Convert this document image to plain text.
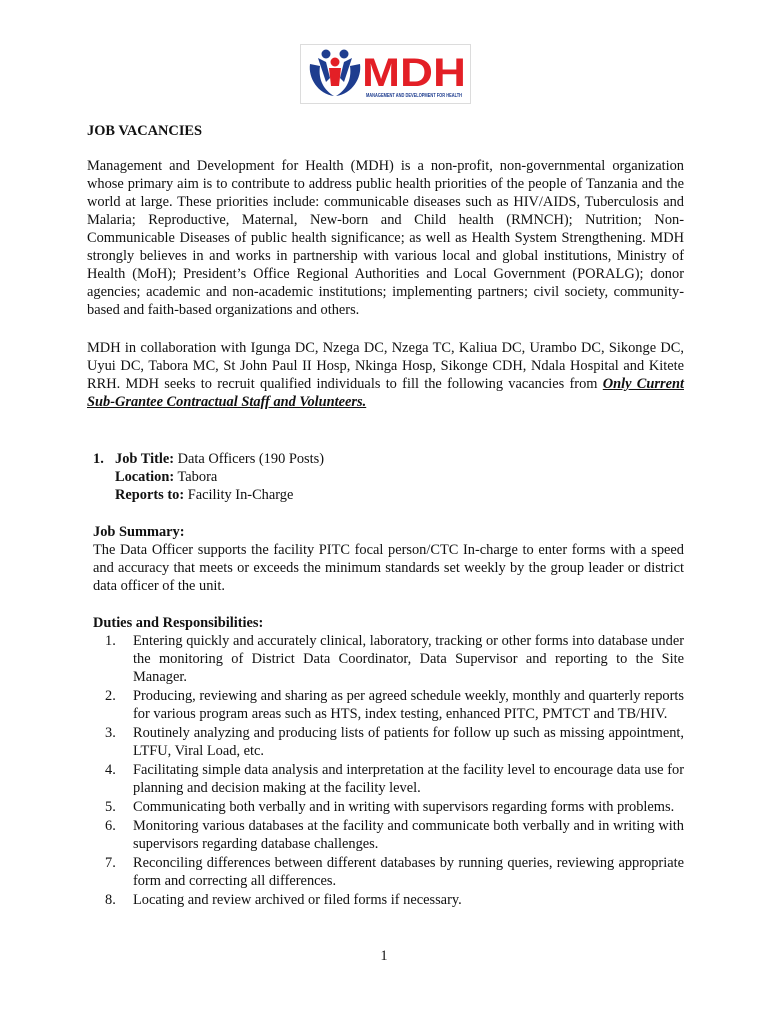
MDH
MANAGEMENT AND DEVELOPMENT FOR HEALTH
JOB VACANCIES
Management and Development for Health (MDH) is a non-profit, non-governmental organization whose primary aim is to contribute to address public health priorities of the people of Tanzania and the world at large. These priorities include: communicable diseases such as HIV/AIDS, Tuberculosis and Malaria; Reproductive, Maternal, New-born and Child health (RMNCH); Nutrition; Non-Communicable Diseases of public health significance; as well as Health System Strengthening. MDH strongly believes in and works in partnership with various local and global institutions, Ministry of Health (MoH); President’s Office Regional Authorities and Local Government (PORALG); donor agencies; academic and non-academic institutions; implementing partners; civil society, community-based and faith-based organizations and others.
MDH in collaboration with Igunga DC, Nzega DC, Nzega TC, Kaliua DC, Urambo DC, Sikonge DC, Uyui DC, Tabora MC, St John Paul II Hosp, Nkinga Hosp, Sikonge CDH, Ndala Hospital and Kitete RRH. MDH seeks to recruit qualified individuals to fill the following vacancies from Only Current Sub-Grantee Contractual Staff and Volunteers.
1. Job Title: Data Officers (190 Posts)
Location: Tabora
Reports to: Facility In-Charge
Job Summary:
The Data Officer supports the facility PITC focal person/CTC In-charge to enter forms with a speed and accuracy that meets or exceeds the minimum standards set weekly by the group leader or district data officer of the unit.
Duties and Responsibilities:
1.	Entering quickly and accurately clinical, laboratory, tracking or other forms into database under the monitoring of District Data Coordinator, Data Supervisor and reporting to the Site Manager.
2.	Producing, reviewing and sharing as per agreed schedule weekly, monthly and quarterly reports for various program areas such as HTS, index testing, enhanced PITC, PMTCT and TB/HIV.
3.	Routinely analyzing and producing lists of patients for follow up such as missing appointment, LTFU, Viral Load, etc.
4.	Facilitating simple data analysis and interpretation at the facility level to encourage data use for planning and decision making at the facility level.
5.	Communicating both verbally and in writing with supervisors regarding forms with problems.
6.	Monitoring various databases at the facility and communicate both verbally and in writing with supervisors regarding database challenges.
7.	Reconciling differences between different databases by running queries, reviewing appropriate form and correcting all differences.
8.	Locating and review archived or filed forms if necessary.
1
